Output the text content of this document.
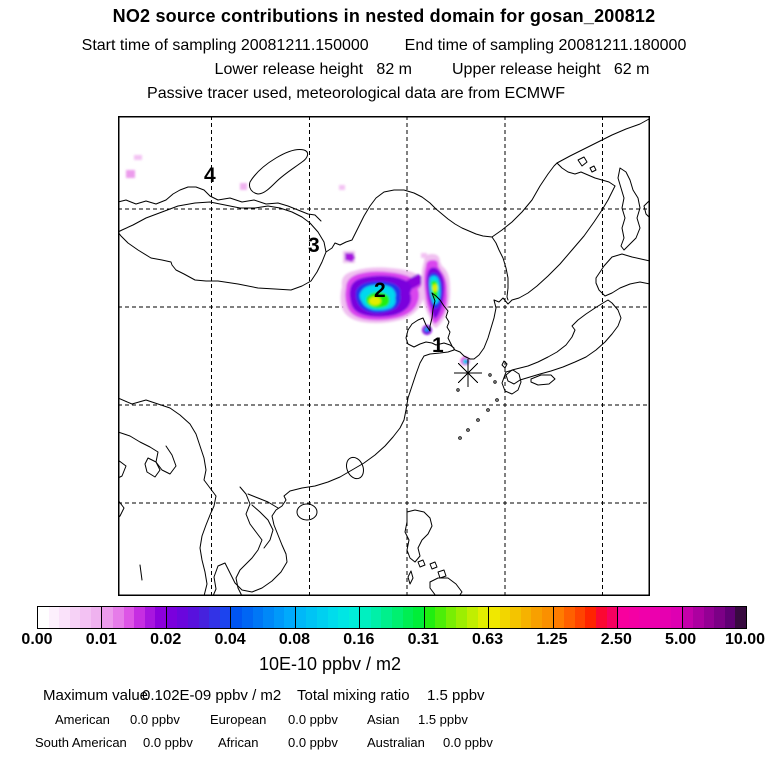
NO2 source contributions in nested domain for gosan_200812
Start time of sampling 20081211.150000 End time of sampling 20081211.180000
Lower release height   82 m	Upper release height   62 m
Passive tracer used, meteorological data are from ECMWF
1
2
3
4
0.00 0.01 0.02 0.04 0.08 0.16 0.31 0.63 1.25 2.50 5.00 10.00
10E-10 ppbv / m2
Maximum value
0.102E-09 ppbv / m2 Total mixing ratio 1.5 ppbv
American 0.0 ppbv European 0.0 ppbv Asian 1.5 ppbv
South American 0.0 ppbv African 0.0 ppbv Australian 0.0 ppbv
